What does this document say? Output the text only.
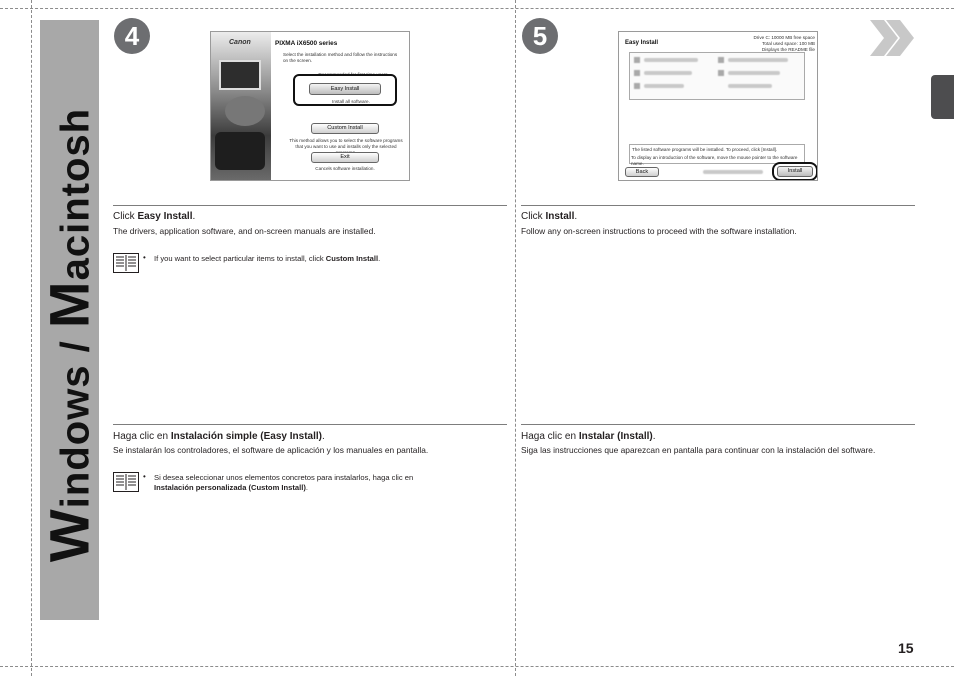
Windows / Macintosh
4	5
Canon	PIXMA iX6500 series
Select the installation method and follow the instructions on the screen.
Recommended for first-time users
Easy Install
Install all software.
Custom Install
This method allows you to select the software programs that you want to use and installs only the selected
Exit
Cancels software installation.
Easy Install
Drive C: 10000 MB free space
Total used space: 100 MB
Displays the README file
The listed software programs will be installed. To proceed, click [Install].
To display an introduction of the software, move the mouse pointer to the software name.
Back	Install
Click Easy Install.
The drivers, application software, and on-screen manuals are installed.
• If you want to select particular items to install, click Custom Install.
Haga clic en Instalación simple (Easy Install).
Se instalarán los controladores, el software de aplicación y los manuales en pantalla.
• Si desea seleccionar unos elementos concretos para instalarlos, haga clic en
Instalación personalizada (Custom Install).
Click Install.
Follow any on-screen instructions to proceed with the software installation.
Haga clic en Instalar (Install).
Siga las instrucciones que aparezcan en pantalla para continuar con la instalación del software.
15
